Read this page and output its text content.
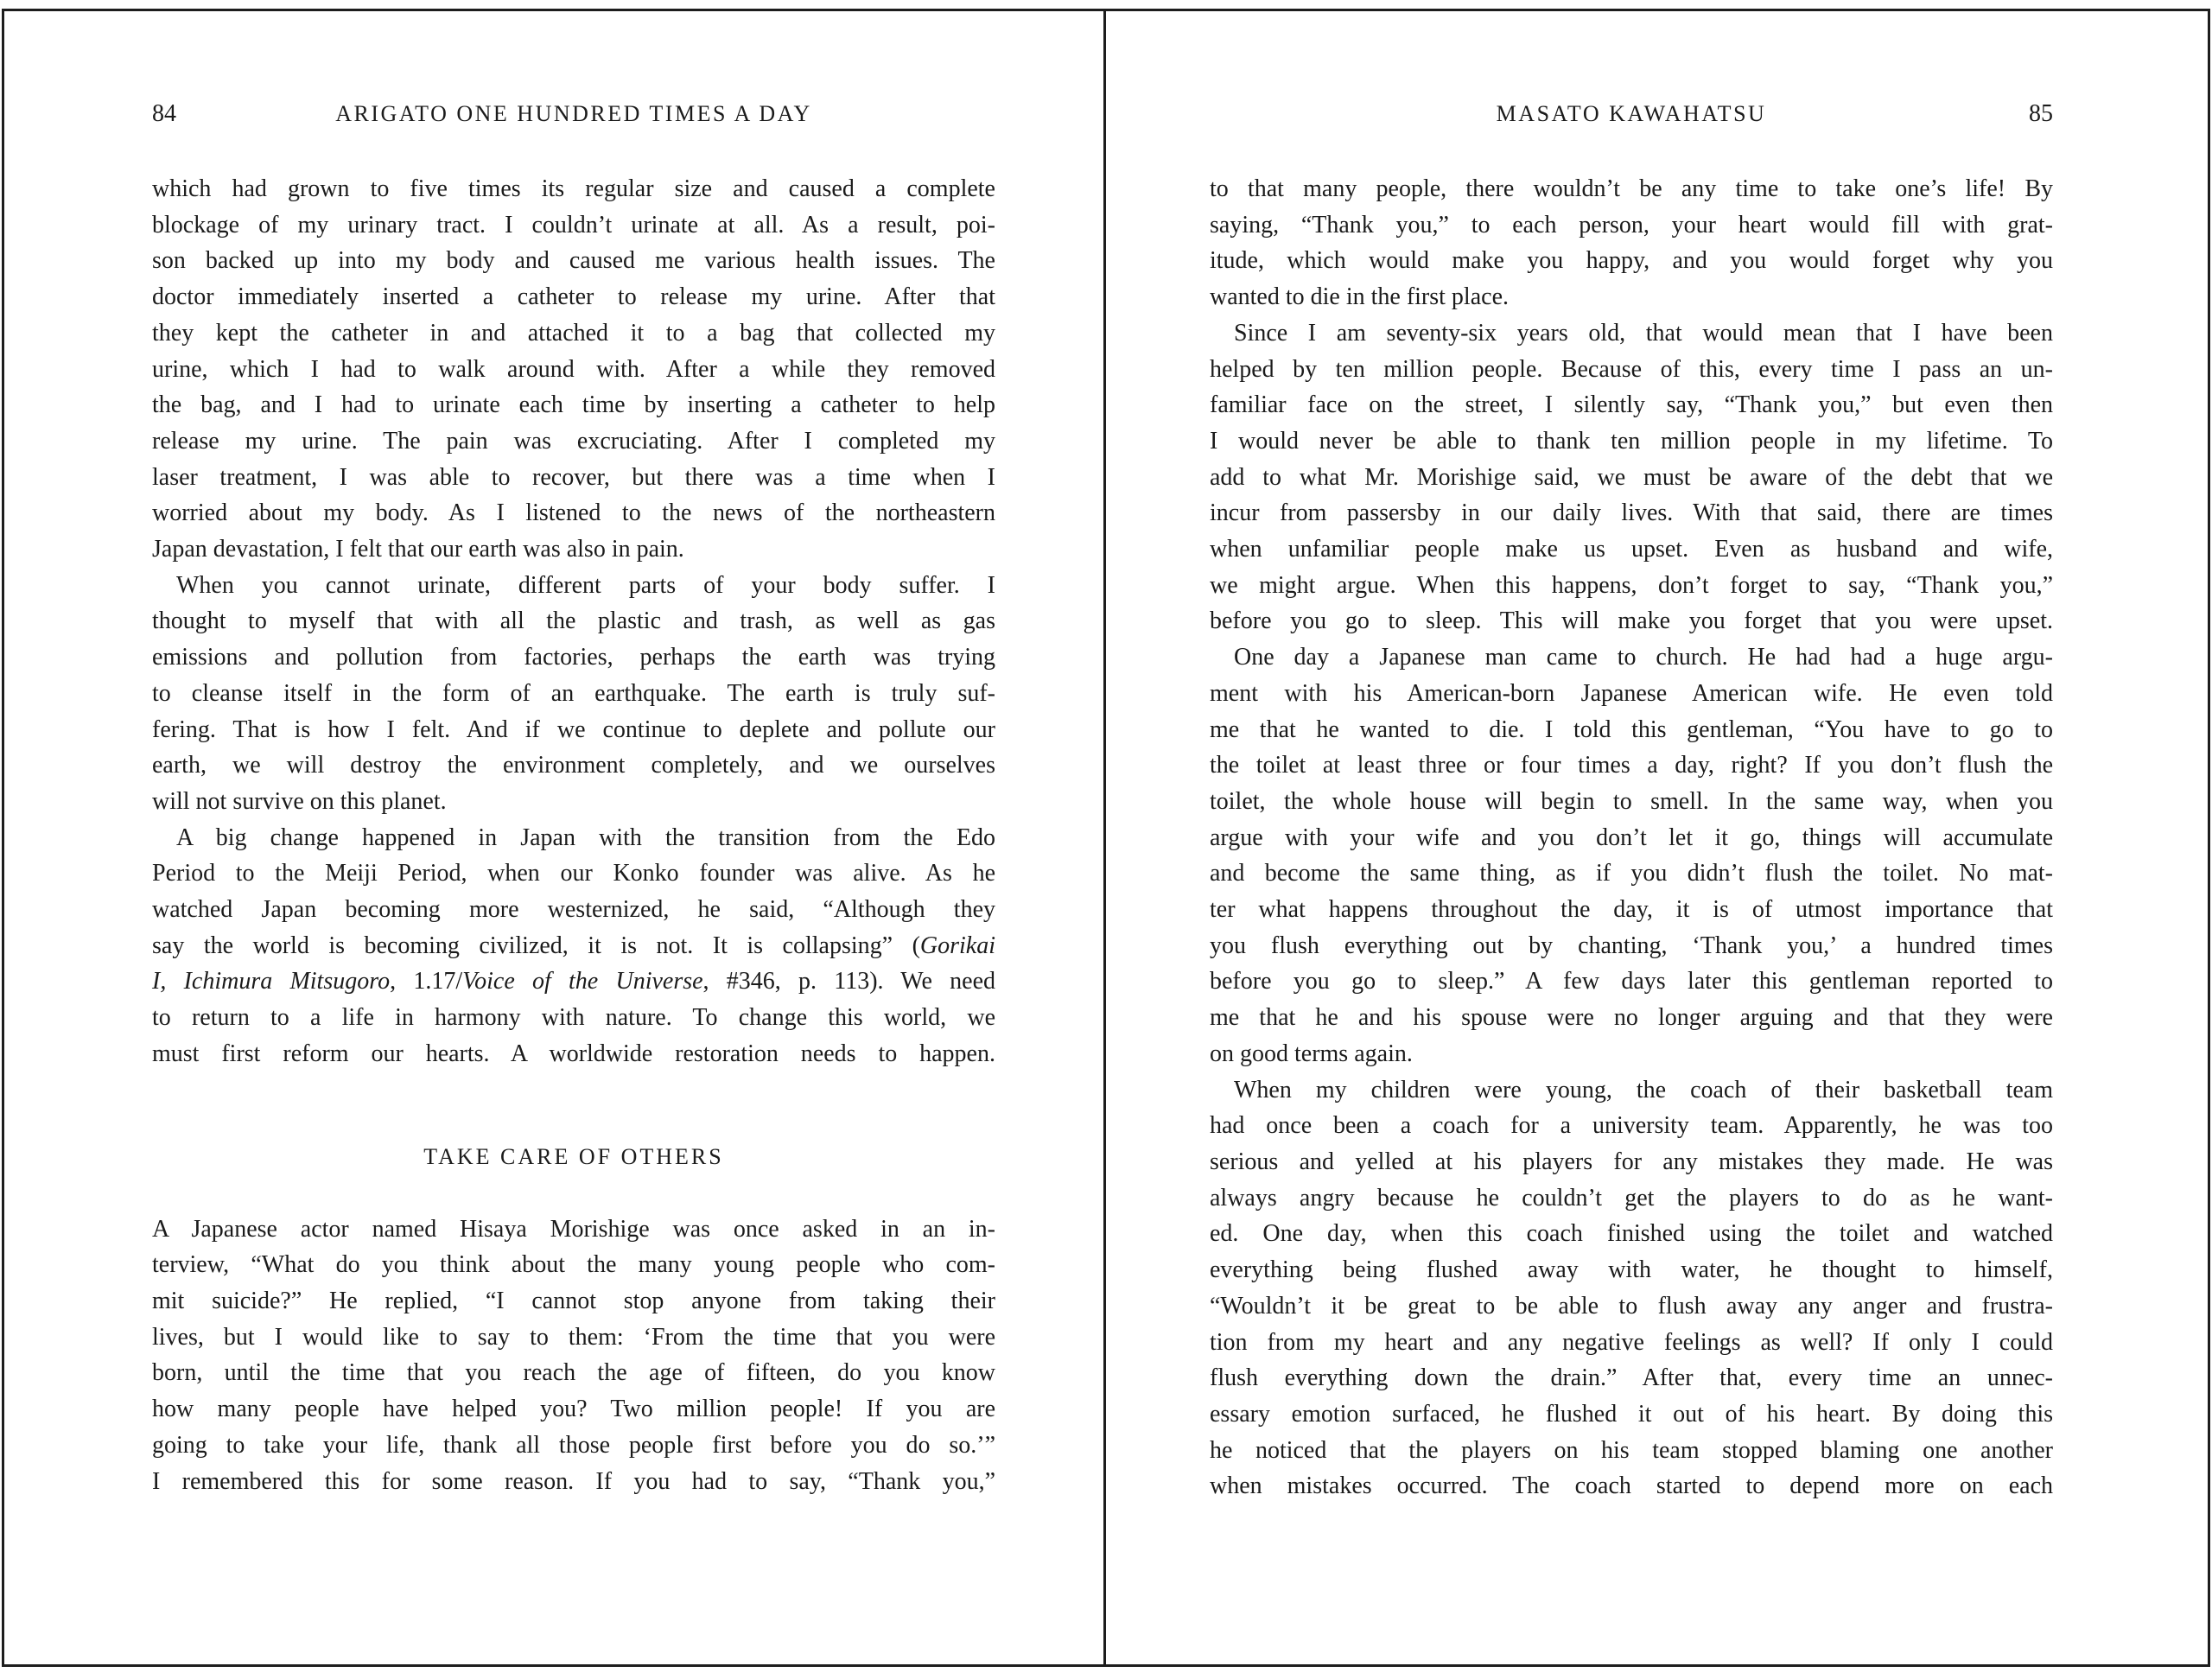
84	ARIGATO ONE HUNDRED TIMES A DAY
which had grown to five times its regular size and caused a complete
blockage of my urinary tract. I couldn’t urinate at all. As a result, poi-
son backed up into my body and caused me various health issues. The
doctor immediately inserted a catheter to release my urine. After that
they kept the catheter in and attached it to a bag that collected my
urine, which I had to walk around with. After a while they removed
the bag, and I had to urinate each time by inserting a catheter to help
release my urine. The pain was excruciating. After I completed my
laser treatment, I was able to recover, but there was a time when I
worried about my body. As I listened to the news of the northeastern
Japan devastation, I felt that our earth was also in pain.
When you cannot urinate, different parts of your body suffer. I
thought to myself that with all the plastic and trash, as well as gas
emissions and pollution from factories, perhaps the earth was trying
to cleanse itself in the form of an earthquake. The earth is truly suf-
fering. That is how I felt. And if we continue to deplete and pollute our
earth, we will destroy the environment completely, and we ourselves
will not survive on this planet.
A big change happened in Japan with the transition from the Edo
Period to the Meiji Period, when our Konko founder was alive. As he
watched Japan becoming more westernized, he said, “Although they
say the world is becoming civilized, it is not. It is collapsing” (Gorikai
I, Ichimura Mitsugoro, 1.17/Voice of the Universe, #346, p. 113). We need
to return to a life in harmony with nature. To change this world, we
must first reform our hearts. A worldwide restoration needs to happen.
TAKE CARE OF OTHERS
A Japanese actor named Hisaya Morishige was once asked in an in-
terview, “What do you think about the many young people who com-
mit suicide?” He replied, “I cannot stop anyone from taking their
lives, but I would like to say to them: ‘From the time that you were
born, until the time that you reach the age of fifteen, do you know
how many people have helped you? Two million people! If you are
going to take your life, thank all those people first before you do so.’”
I remembered this for some reason. If you had to say, “Thank you,”
MASATO KAWAHATSU	85
to that many people, there wouldn’t be any time to take one’s life! By
saying, “Thank you,” to each person, your heart would fill with grat-
itude, which would make you happy, and you would forget why you
wanted to die in the first place.
Since I am seventy-six years old, that would mean that I have been
helped by ten million people. Because of this, every time I pass an un-
familiar face on the street, I silently say, “Thank you,” but even then
I would never be able to thank ten million people in my lifetime. To
add to what Mr. Morishige said, we must be aware of the debt that we
incur from passersby in our daily lives. With that said, there are times
when unfamiliar people make us upset. Even as husband and wife,
we might argue. When this happens, don’t forget to say, “Thank you,”
before you go to sleep. This will make you forget that you were upset.
One day a Japanese man came to church. He had had a huge argu-
ment with his American-born Japanese American wife. He even told
me that he wanted to die. I told this gentleman, “You have to go to
the toilet at least three or four times a day, right? If you don’t flush the
toilet, the whole house will begin to smell. In the same way, when you
argue with your wife and you don’t let it go, things will accumulate
and become the same thing, as if you didn’t flush the toilet. No mat-
ter what happens throughout the day, it is of utmost importance that
you flush everything out by chanting, ‘Thank you,’ a hundred times
before you go to sleep.” A few days later this gentleman reported to
me that he and his spouse were no longer arguing and that they were
on good terms again.
When my children were young, the coach of their basketball team
had once been a coach for a university team. Apparently, he was too
serious and yelled at his players for any mistakes they made. He was
always angry because he couldn’t get the players to do as he want-
ed. One day, when this coach finished using the toilet and watched
everything being flushed away with water, he thought to himself,
“Wouldn’t it be great to be able to flush away any anger and frustra-
tion from my heart and any negative feelings as well? If only I could
flush everything down the drain.” After that, every time an unnec-
essary emotion surfaced, he flushed it out of his heart. By doing this
he noticed that the players on his team stopped blaming one another
when mistakes occurred. The coach started to depend more on each
